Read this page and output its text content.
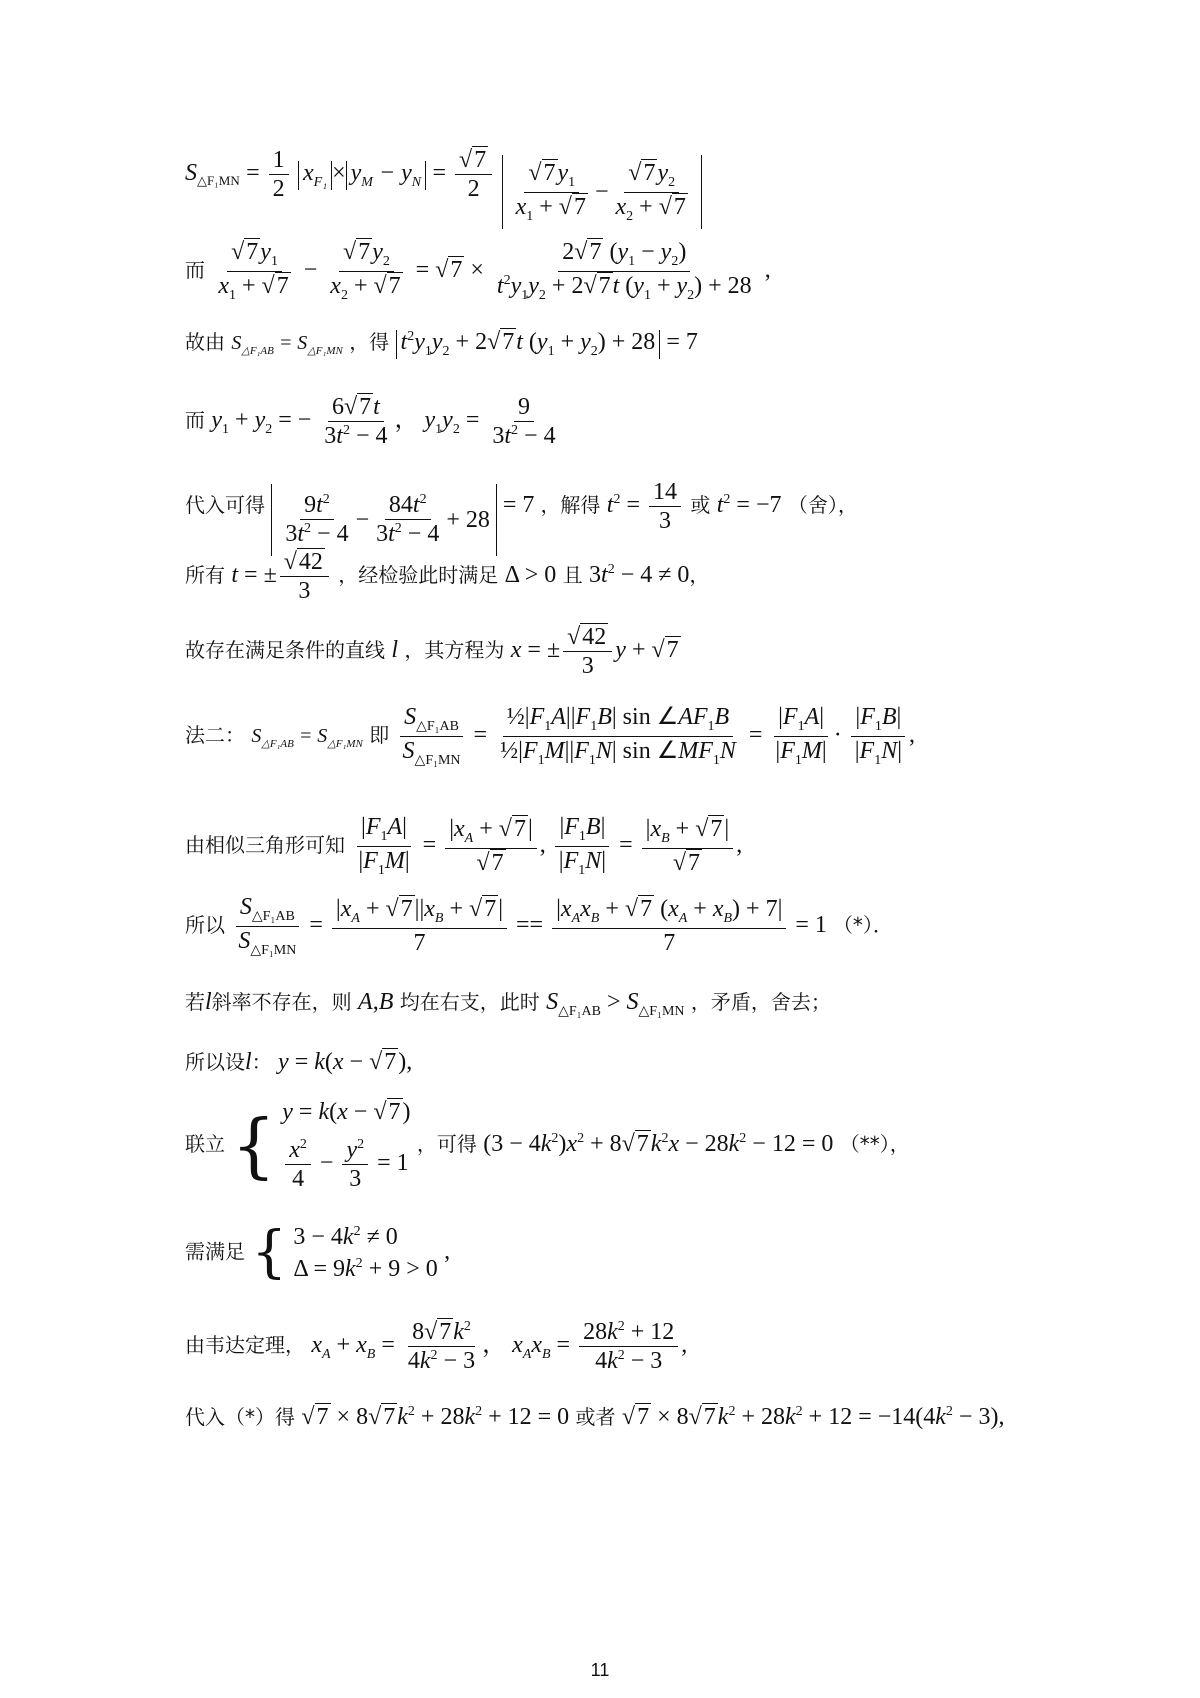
$S_{\triangle F_1MN} = \frac{1}{2} x_{F_1} \times y_M - y_N = \frac{√7}{2}$
$\frac{√7y_1}{x_1 + √7} - \frac{√7y_2}{x_2 + √7}$
而 $\frac{√7y_1}{x_1 + √7} - \frac{√7y_2}{x_2 + √7} = √7 \times \frac{2√7 (y_1 - y_2)}{t^2y_1y_2 + 2√7t (y_1 + y_2) + 28}$ ,
故由 $S_{\triangle F_1AB} = S_{\triangle F_1MN}$ ，得 $t^2y_1y_2 + 2√7t$ $(y_1 + y_2) + 28 = 7$
而 $y_1 + y_2$ = − $\frac{6√7t}{3t^2 - 4}$ ， $y_1y_2 = \frac{9}{3t^2 - 4}$
代入可得 $\frac{9t^2}{3t^2 - 4} - \frac{84t^2}{3t^2 - 4} + 28 = 7$ ，解得 $t^2 = \frac{14}{3}$ 或 $t^2 = -7$ （舍），
所有 t = ± $\frac{√42}{3}$ ，经检验此时满足 Δ > 0 且 $3t^2 - 4 \ne 0$，
故存在满足条件的直线 l ，其方程为 x = ± $\frac{√42}{3}$ y + √7
法二： $S_{\triangle F_1AB} = S_{\triangle F_1MN}$ 即 $\frac{S_{\triangle F_1AB}}{S_{\triangle F_1MN}} = \frac{\frac{1}{2}|F_1A||F_1B| \sin \angle AF_1B}{\frac{1}{2}|F_1M||F_1N| \sin \angle MF_1N} = \frac{|F_1A|}{|F_1M|} \cdot \frac{|F_1B|}{|F_1N|}$ ,
由相似三角形可知 $\frac{|F_1A|}{|F_1M|} = \frac{|x_A + √7|}{√7}$ , $\frac{|F_1B|}{|F_1N|} = \frac{|x_B + √7|}{√7}$ ,
所以 $\frac{S_{\triangle F_1AB}}{S_{\triangle F_1MN}} = \frac{|x_A + √7||x_B + √7|}{7} == \frac{|x_Ax_B + √7 (x_A + x_B) + 7|}{7} = 1$ （*）．
若l斜率不存在，则 A,B 均在右支，此时 $S_{\triangle F_1AB} > S_{\triangle F_1MN}$ ，矛盾，舍去；
所以设l： y = k(x − √7),
联立 { y = k(x − √7)
$\frac{x^2}{4} - \frac{y^2}{3} = 1$
，可得 $(3 - 4k^2)x^2 + 8√7k^2x - 28k^2 - 12 = 0$ （**），
需满足 { $3 - 4k^2 \ne 0$
$\Delta = 9k^2 + 9 > 0$
,
由韦达定理， $x_A + x_B = \frac{8√7k^2}{4k^2 - 3}$ ， $x_Ax_B = \frac{28k^2 + 12}{4k^2 - 3}$ ,
代入（*）得 $√7 \times 8√7k^2 + 28k^2 + 12 = 0$ 或者 $√7 \times 8√7k^2 + 28k^2 + 12 = -14(4k^2 - 3)$,
11
